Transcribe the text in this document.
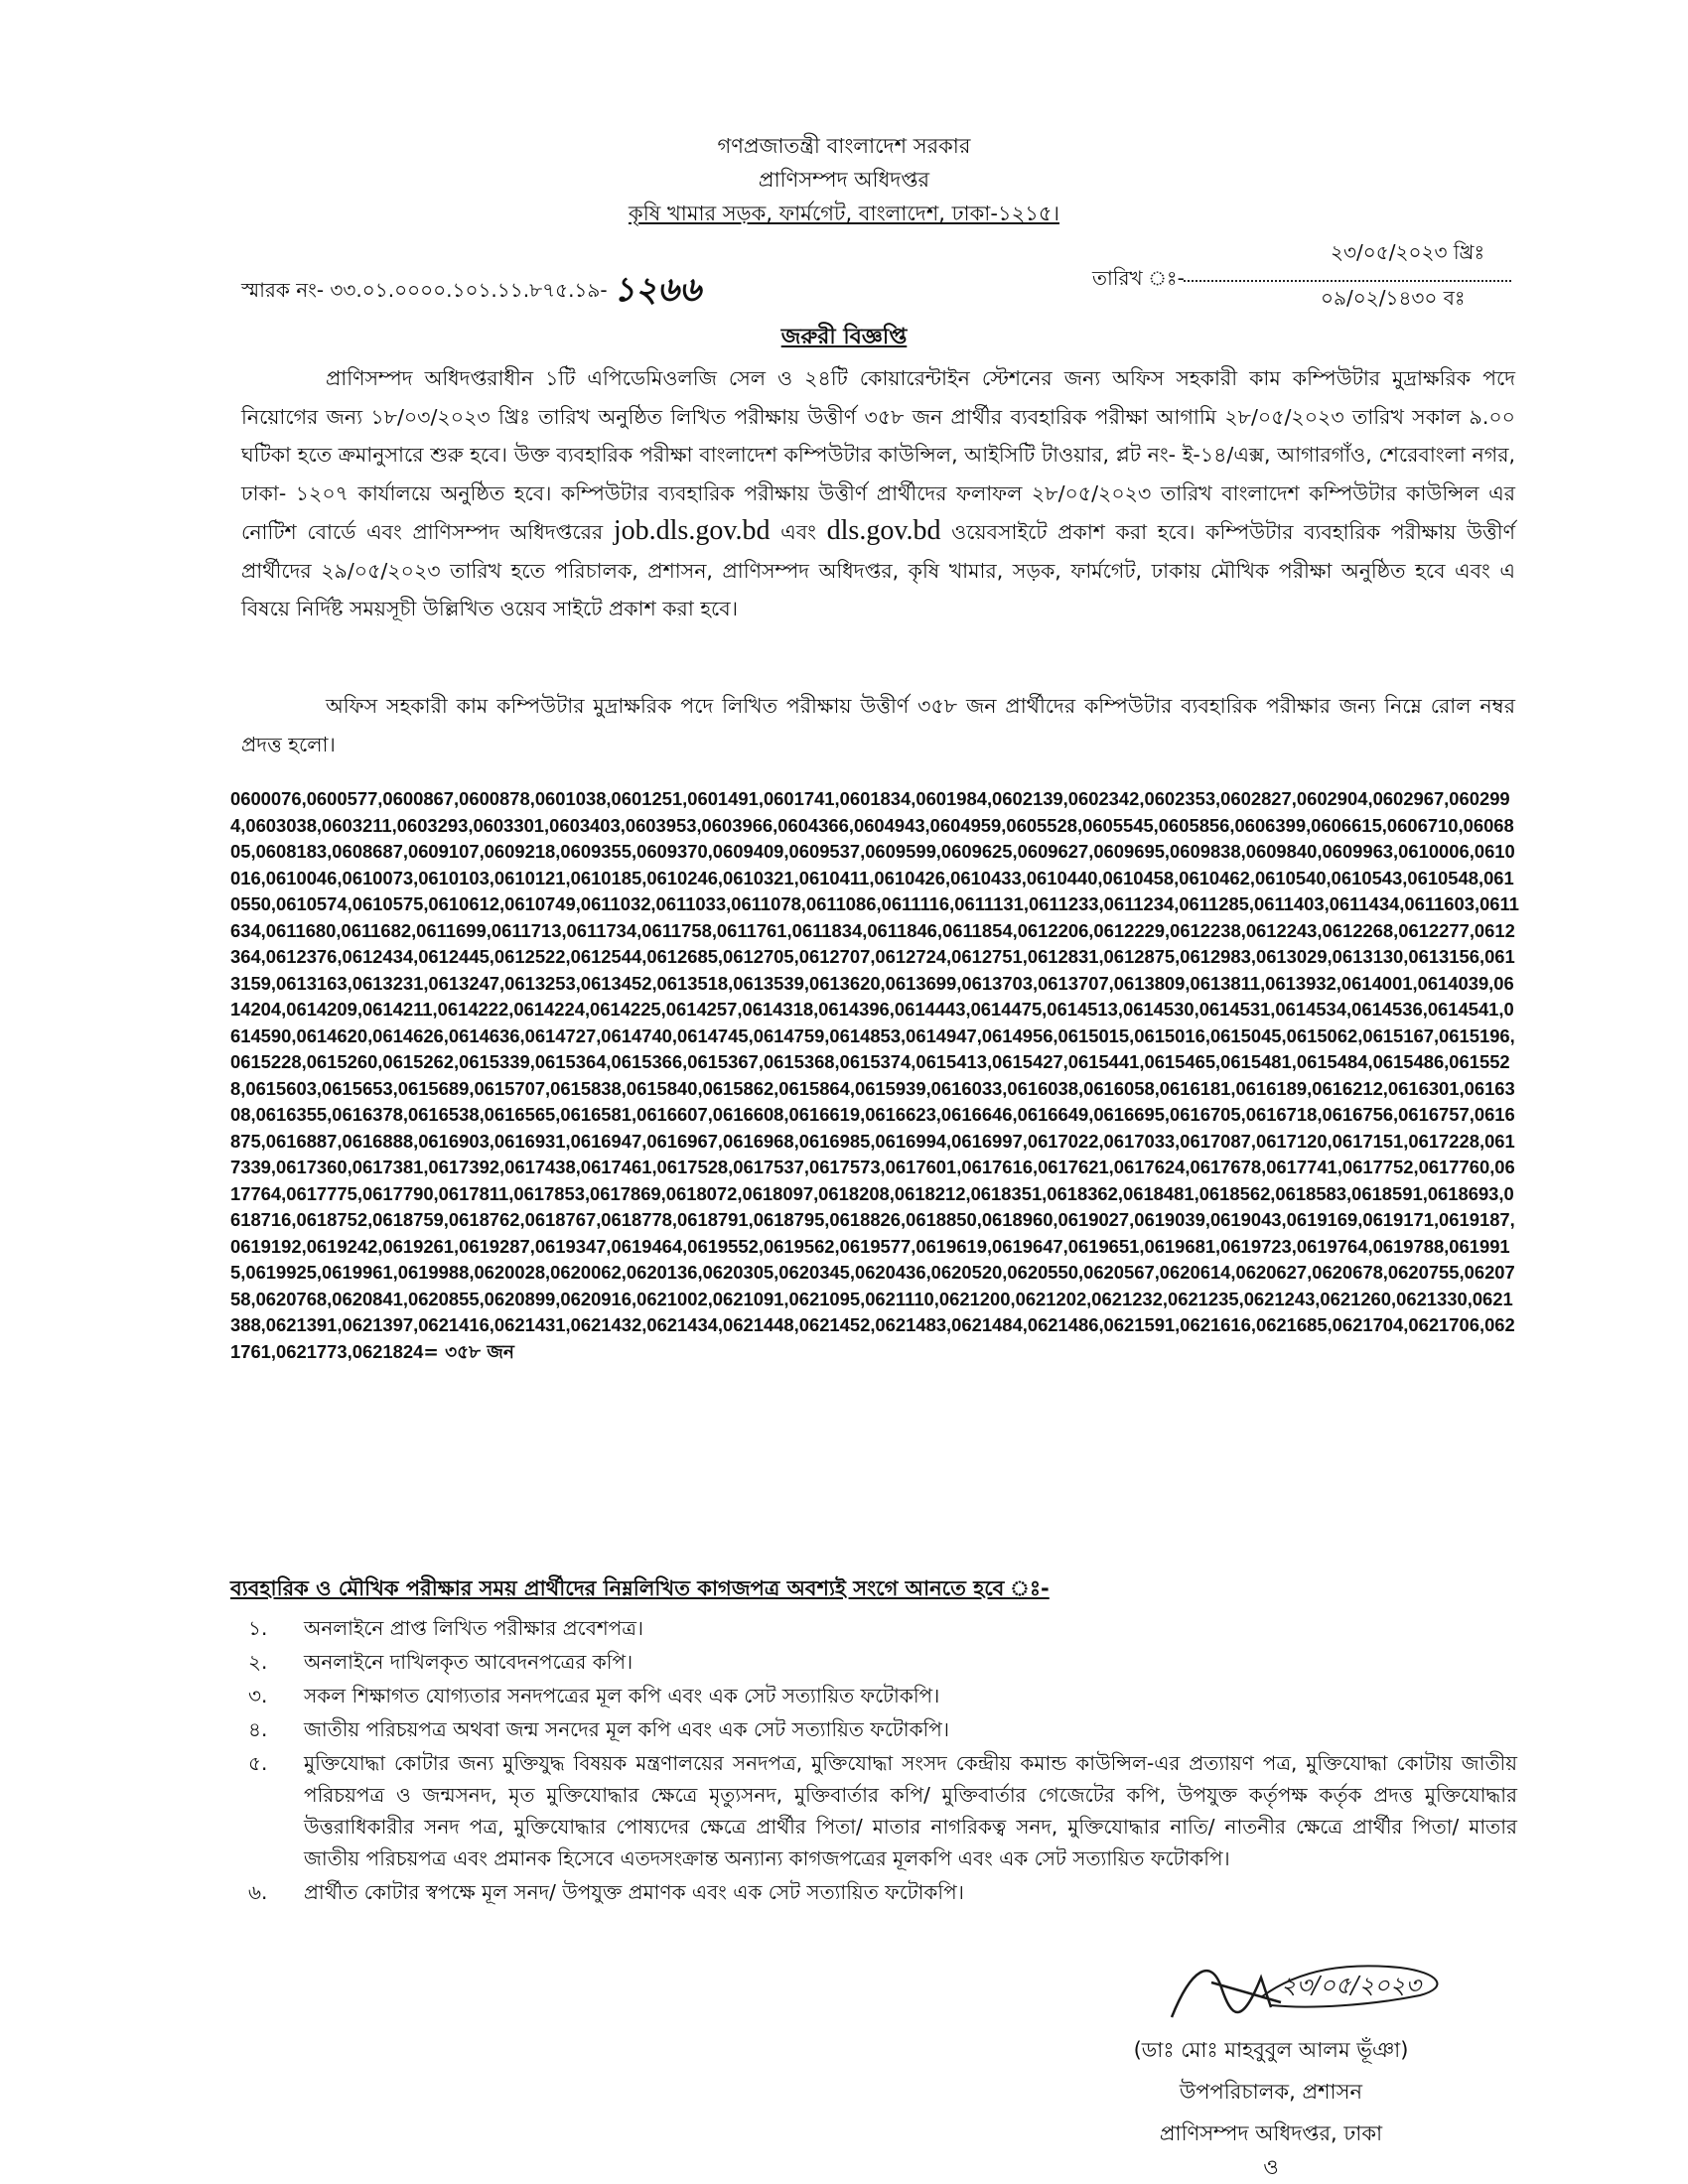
গণপ্রজাতন্ত্রী বাংলাদেশ সরকার
প্রাণিসম্পদ অধিদপ্তর
কৃষি খামার সড়ক, ফার্মগেট, বাংলাদেশ, ঢাকা-১২১৫।
স্মারক নং- ৩৩.০১.০০০০.১০১.১১.৮৭৫.১৯- ১২৬৬
২৩/০৫/২০২৩ খ্রিঃ
তারিখ ঃ-
০৯/০২/১৪৩০ বঃ
জরুরী বিজ্ঞপ্তি

প্রাণিসম্পদ অধিদপ্তরাধীন ১টি এপিডেমিওলজি সেল ও ২৪টি কোয়ারেন্টাইন স্টেশনের জন্য অফিস সহকারী কাম কম্পিউটার মুদ্রাক্ষরিক পদে নিয়োগের জন্য ১৮/০৩/২০২৩ খ্রিঃ তারিখ অনুষ্ঠিত লিখিত পরীক্ষায় উত্তীর্ণ ৩৫৮ জন প্রার্থীর ব্যবহারিক পরীক্ষা আগামি ২৮/০৫/২০২৩ তারিখ সকাল ৯.০০ ঘটিকা হতে ক্রমানুসারে শুরু হবে। উক্ত ব্যবহারিক পরীক্ষা বাংলাদেশ কম্পিউটার কাউন্সিল, আইসিটি টাওয়ার, প্লট নং- ই-১৪/এক্স, আগারগাঁও, শেরেবাংলা নগর, ঢাকা- ১২০৭ কার্যালয়ে অনুষ্ঠিত হবে। কম্পিউটার ব্যবহারিক পরীক্ষায় উত্তীর্ণ প্রার্থীদের ফলাফল ২৮/০৫/২০২৩ তারিখ বাংলাদেশ কম্পিউটার কাউন্সিল এর নোটিশ বোর্ডে এবং প্রাণিসম্পদ অধিদপ্তরের job.dls.gov.bd এবং dls.gov.bd ওয়েবসাইটে প্রকাশ করা হবে। কম্পিউটার ব্যবহারিক পরীক্ষায় উত্তীর্ণ প্রার্থীদের ২৯/০৫/২০২৩ তারিখ হতে পরিচালক, প্রশাসন, প্রাণিসম্পদ অধিদপ্তর, কৃষি খামার, সড়ক, ফার্মগেট, ঢাকায় মৌখিক পরীক্ষা অনুষ্ঠিত হবে এবং এ বিষয়ে নির্দিষ্ট সময়সূচী উল্লিখিত ওয়েব সাইটে প্রকাশ করা হবে।

অফিস সহকারী কাম কম্পিউটার মুদ্রাক্ষরিক পদে লিখিত পরীক্ষায় উত্তীর্ণ ৩৫৮ জন প্রার্থীদের কম্পিউটার ব্যবহারিক পরীক্ষার জন্য নিম্নে রোল নম্বর প্রদত্ত হলো।

0600076,0600577,0600867,0600878,0601038,0601251,0601491,0601741,0601834,0601984,0602139,0602342,0602353,0602827,0602904,0602967,0602994,0603038,0603211,0603293,0603301,0603403,0603953,0603966,0604366,0604943,0604959,0605528,0605545,0605856,0606399,0606615,0606710,0606805,0608183,0608687,0609107,0609218,0609355,0609370,0609409,0609537,0609599,0609625,0609627,0609695,0609838,0609840,0609963,0610006,0610016,0610046,0610073,0610103,0610121,0610185,0610246,0610321,0610411,0610426,0610433,0610440,0610458,0610462,0610540,0610543,0610548,0610550,0610574,0610575,0610612,0610749,0611032,0611033,0611078,0611086,0611116,0611131,0611233,0611234,0611285,0611403,0611434,0611603,0611634,0611680,0611682,0611699,0611713,0611734,0611758,0611761,0611834,0611846,0611854,0612206,0612229,0612238,0612243,0612268,0612277,0612364,0612376,0612434,0612445,0612522,0612544,0612685,0612705,0612707,0612724,0612751,0612831,0612875,0612983,0613029,0613130,0613156,0613159,0613163,0613231,0613247,0613253,0613452,0613518,0613539,0613620,0613699,0613703,0613707,0613809,0613811,0613932,0614001,0614039,0614204,0614209,0614211,0614222,0614224,0614225,0614257,0614318,0614396,0614443,0614475,0614513,0614530,0614531,0614534,0614536,0614541,0614590,0614620,0614626,0614636,0614727,0614740,0614745,0614759,0614853,0614947,0614956,0615015,0615016,0615045,0615062,0615167,0615196,0615228,0615260,0615262,0615339,0615364,0615366,0615367,0615368,0615374,0615413,0615427,0615441,0615465,0615481,0615484,0615486,0615528,0615603,0615653,0615689,0615707,0615838,0615840,0615862,0615864,0615939,0616033,0616038,0616058,0616181,0616189,0616212,0616301,0616308,0616355,0616378,0616538,0616565,0616581,0616607,0616608,0616619,0616623,0616646,0616649,0616695,0616705,0616718,0616756,0616757,0616875,0616887,0616888,0616903,0616931,0616947,0616967,0616968,0616985,0616994,0616997,0617022,0617033,0617087,0617120,0617151,0617228,0617339,0617360,0617381,0617392,0617438,0617461,0617528,0617537,0617573,0617601,0617616,0617621,0617624,0617678,0617741,0617752,0617760,0617764,0617775,0617790,0617811,0617853,0617869,0618072,0618097,0618208,0618212,0618351,0618362,0618481,0618562,0618583,0618591,0618693,0618716,0618752,0618759,0618762,0618767,0618778,0618791,0618795,0618826,0618850,0618960,0619027,0619039,0619043,0619169,0619171,0619187,0619192,0619242,0619261,0619287,0619347,0619464,0619552,0619562,0619577,0619619,0619647,0619651,0619681,0619723,0619764,0619788,0619915,0619925,0619961,0619988,0620028,0620062,0620136,0620305,0620345,0620436,0620520,0620550,0620567,0620614,0620627,0620678,0620755,0620758,0620768,0620841,0620855,0620899,0620916,0621002,0621091,0621095,0621110,0621200,0621202,0621232,0621235,0621243,0621260,0621330,0621388,0621391,0621397,0621416,0621431,0621432,0621434,0621448,0621452,0621483,0621484,0621486,0621591,0621616,0621685,0621704,0621706,0621761,0621773,0621824= ৩৫৮ জন

ব্যবহারিক ও মৌখিক পরীক্ষার সময় প্রার্থীদের নিম্নলিখিত কাগজপত্র অবশ্যই সংগে আনতে হবে ঃ-
১.	অনলাইনে প্রাপ্ত লিখিত পরীক্ষার প্রবেশপত্র।
২.	অনলাইনে দাখিলকৃত আবেদনপত্রের কপি।
৩.	সকল শিক্ষাগত যোগ্যতার সনদপত্রের মূল কপি এবং এক সেট সত্যায়িত ফটোকপি।
৪.	জাতীয় পরিচয়পত্র অথবা জন্ম সনদের মূল কপি এবং এক সেট সত্যায়িত ফটোকপি।
৫.	মুক্তিযোদ্ধা কোটার জন্য মুক্তিযুদ্ধ বিষয়ক মন্ত্রণালয়ের সনদপত্র, মুক্তিযোদ্ধা সংসদ কেন্দ্রীয় কমান্ড কাউন্সিল-এর প্রত্যায়ণ পত্র, মুক্তিযোদ্ধা কোটায় জাতীয় পরিচয়পত্র ও জন্মসনদ, মৃত মুক্তিযোদ্ধার ক্ষেত্রে মৃত্যুসনদ, মুক্তিবার্তার কপি/ মুক্তিবার্তার গেজেটের কপি, উপযুক্ত কর্তৃপক্ষ কর্তৃক প্রদত্ত মুক্তিযোদ্ধার উত্তরাধিকারীর সনদ পত্র, মুক্তিযোদ্ধার পোষ্যদের ক্ষেত্রে প্রার্থীর পিতা/ মাতার নাগরিকত্ব সনদ, মুক্তিযোদ্ধার নাতি/ নাতনীর ক্ষেত্রে প্রার্থীর পিতা/ মাতার জাতীয় পরিচয়পত্র এবং প্রমানক হিসেবে এতদসংক্রান্ত অন্যান্য কাগজপত্রের মূলকপি এবং এক সেট সত্যায়িত ফটোকপি।
৬.	প্রার্থীত কোটার স্বপক্ষে মূল সনদ/ উপযুক্ত প্রমাণক এবং এক সেট সত্যায়িত ফটোকপি।
২৩/০৫/২০২৩
(ডাঃ মোঃ মাহবুবুল আলম ভূঁঞা)
উপপরিচালক, প্রশাসন
প্রাণিসম্পদ অধিদপ্তর, ঢাকা
ও
